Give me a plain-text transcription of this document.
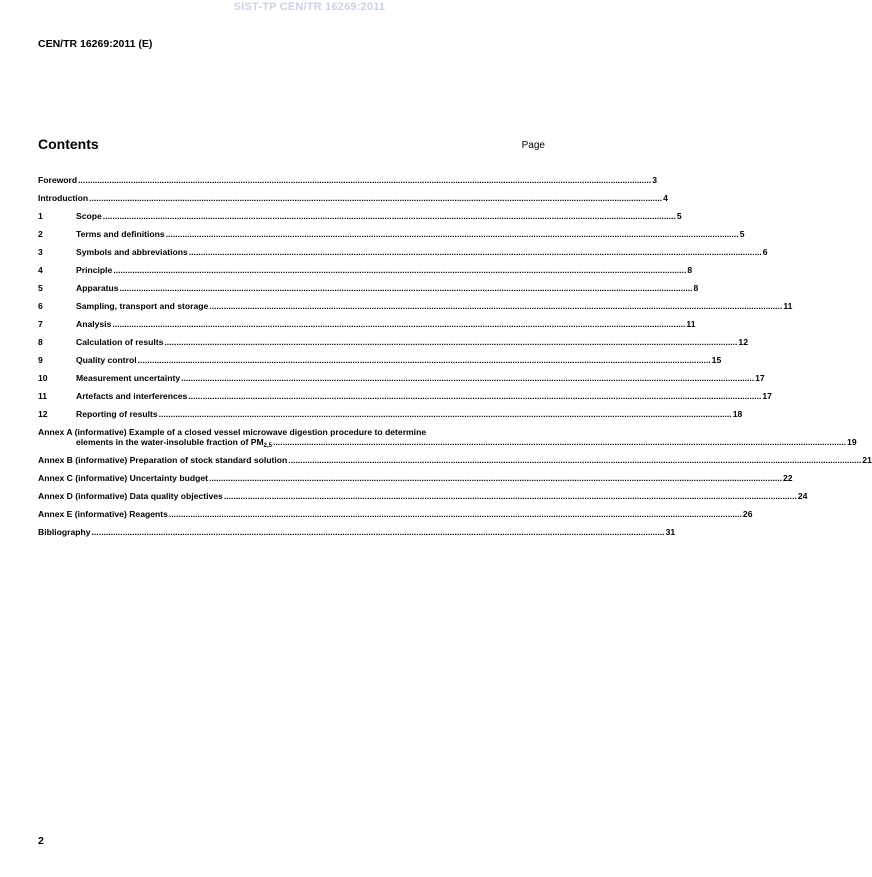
SIST-TP CEN/TR 16269:2011
CEN/TR 16269:2011 (E)
Contents	Page
Foreword .....	3
Introduction .....	4
1	Scope .....	5
2	Terms and definitions .....	5
3	Symbols and abbreviations .....	6
4	Principle .....	8
5	Apparatus .....	8
6	Sampling, transport and storage .....	11
7	Analysis .....	11
8	Calculation of results .....	12
9	Quality control .....	15
10	Measurement uncertainty .....	17
11	Artefacts and interferences .....	17
12	Reporting of results .....	18
Annex A (informative) Example of a closed vessel microwave digestion procedure to determine
elements in the water-insoluble fraction of $PM_{2,5}$ .....	19
Annex B (informative) Preparation of stock standard solution .....	21
Annex C (informative) Uncertainty budget .....	22
Annex D (informative) Data quality objectives .....	24
Annex E (informative) Reagents .....	26
Bibliography .....	31
2
